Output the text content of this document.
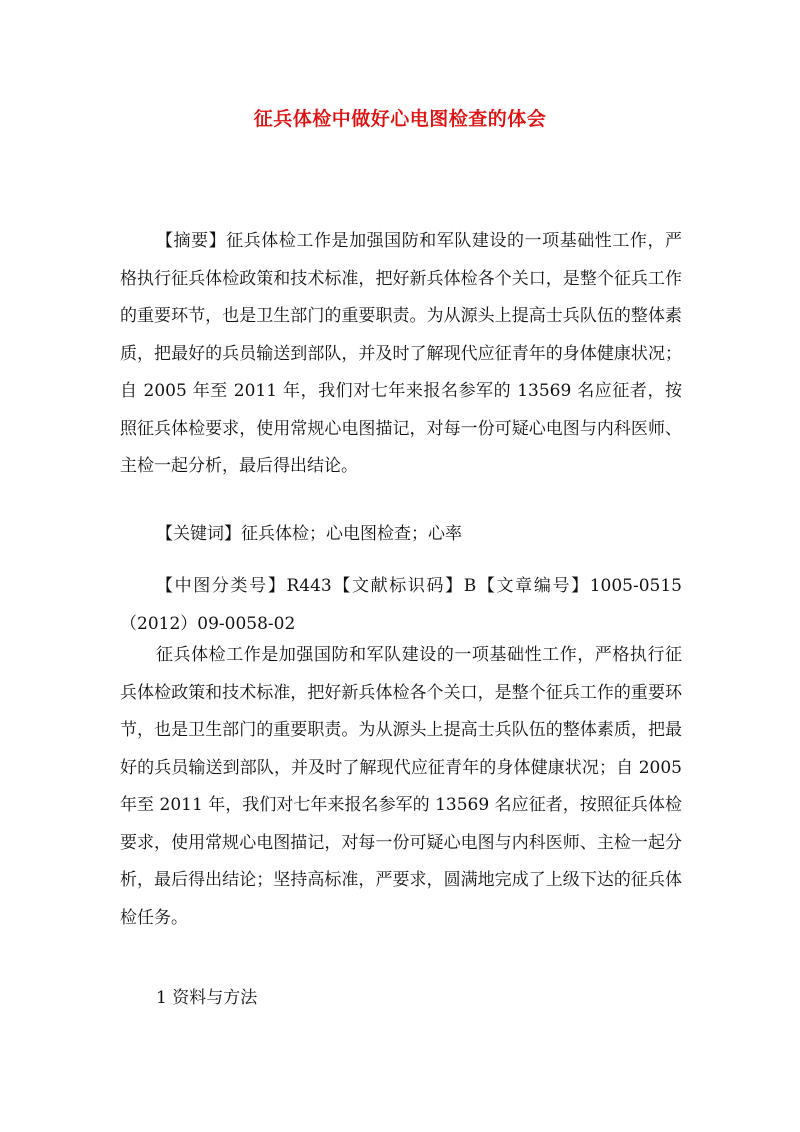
征兵体检中做好心电图检查的体会
【摘要】征兵体检工作是加强国防和军队建设的一项基础性工作，严格执行征兵体检政策和技术标准，把好新兵体检各个关口，是整个征兵工作的重要环节，也是卫生部门的重要职责。为从源头上提高士兵队伍的整体素质，把最好的兵员输送到部队，并及时了解现代应征青年的身体健康状况；自 2005 年至 2011 年，我们对七年来报名参军的 13569 名应征者，按照征兵体检要求，使用常规心电图描记，对每一份可疑心电图与内科医师、主检一起分析，最后得出结论。
【关键词】征兵体检；心电图检查；心率
【中图分类号】R443【文献标识码】B【文章编号】1005-0515（2012）09-0058-02
征兵体检工作是加强国防和军队建设的一项基础性工作，严格执行征兵体检政策和技术标准，把好新兵体检各个关口，是整个征兵工作的重要环节，也是卫生部门的重要职责。为从源头上提高士兵队伍的整体素质，把最好的兵员输送到部队，并及时了解现代应征青年的身体健康状况；自 2005 年至 2011 年，我们对七年来报名参军的 13569 名应征者，按照征兵体检要求，使用常规心电图描记，对每一份可疑心电图与内科医师、主检一起分析，最后得出结论；坚持高标准，严要求，圆满地完成了上级下达的征兵体检任务。
1 资料与方法
